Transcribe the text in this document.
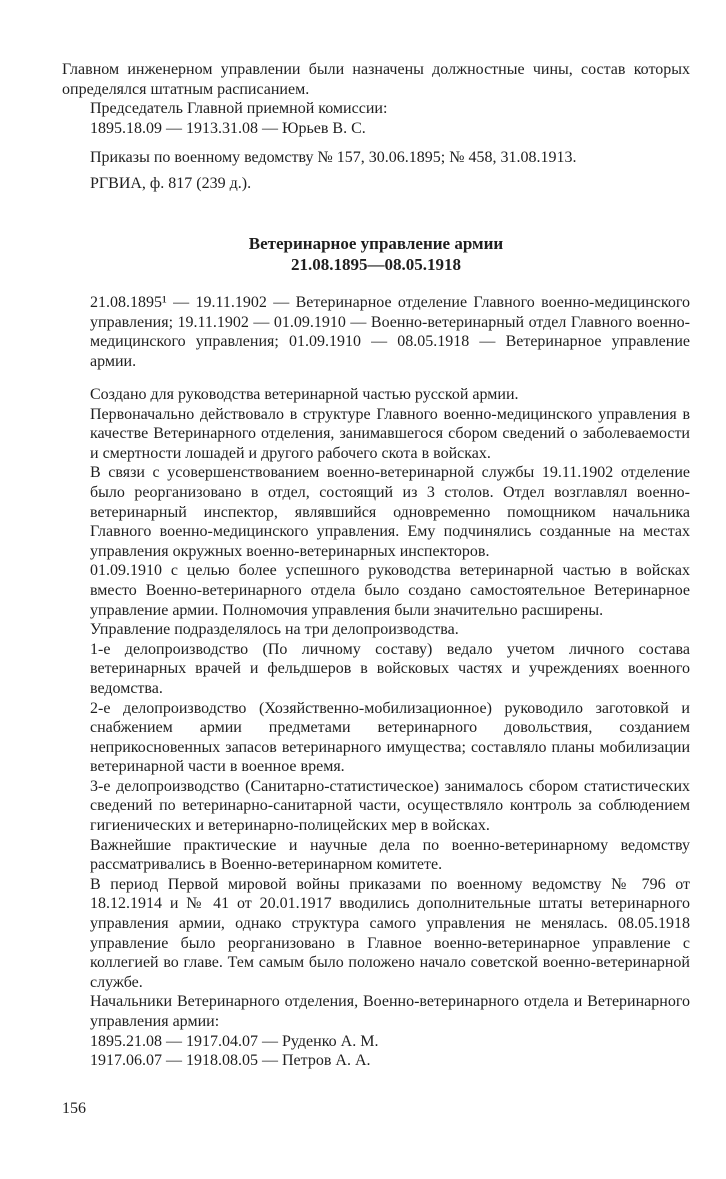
Главном инженерном управлении были назначены должностные чины, состав которых определялся штатным расписанием.

Председатель Главной приемной комиссии:

1895.18.09 — 1913.31.08 — Юрьев В. С.

Приказы по военному ведомству № 157, 30.06.1895; № 458, 31.08.1913.

РГВИА, ф. 817 (239 д.).

Ветеринарное управление армии
21.08.1895—08.05.1918

21.08.1895¹ — 19.11.1902 — Ветеринарное отделение Главного военно-медицинского управления; 19.11.1902 — 01.09.1910 — Военно-ветеринарный отдел Главного военно-медицинского управления; 01.09.1910 — 08.05.1918 — Ветеринарное управление армии.

Создано для руководства ветеринарной частью русской армии.

Первоначально действовало в структуре Главного военно-медицинского управления в качестве Ветеринарного отделения, занимавшегося сбором сведений о заболеваемости и смертности лошадей и другого рабочего скота в войсках.

В связи с усовершенствованием военно-ветеринарной службы 19.11.1902 отделение было реорганизовано в отдел, состоящий из 3 столов. Отдел возглавлял военно-ветеринарный инспектор, являвшийся одновременно помощником начальника Главного военно-медицинского управления. Ему подчинялись созданные на местах управления окружных военно-ветеринарных инспекторов.

01.09.1910 с целью более успешного руководства ветеринарной частью в войсках вместо Военно-ветеринарного отдела было создано самостоятельное Ветеринарное управление армии. Полномочия управления были значительно расширены.

Управление подразделялось на три делопроизводства.

1-е делопроизводство (По личному составу) ведало учетом личного состава ветеринарных врачей и фельдшеров в войсковых частях и учреждениях военного ведомства.

2-е делопроизводство (Хозяйственно-мобилизационное) руководило заготовкой и снабжением армии предметами ветеринарного довольствия, созданием неприкосновенных запасов ветеринарного имущества; составляло планы мобилизации ветеринарной части в военное время.

3-е делопроизводство (Санитарно-статистическое) занималось сбором статистических сведений по ветеринарно-санитарной части, осуществляло контроль за соблюдением гигиенических и ветеринарно-полицейских мер в войсках.

Важнейшие практические и научные дела по военно-ветеринарному ведомству рассматривались в Военно-ветеринарном комитете.

В период Первой мировой войны приказами по военному ведомству № 796 от 18.12.1914 и № 41 от 20.01.1917 вводились дополнительные штаты ветеринарного управления армии, однако структура самого управления не менялась. 08.05.1918 управление было реорганизовано в Главное военно-ветеринарное управление с коллегией во главе. Тем самым было положено начало советской военно-ветеринарной службе.

Начальники Ветеринарного отделения, Военно-ветеринарного отдела и Ветеринарного управления армии:

1895.21.08 — 1917.04.07 — Руденко А. М.

1917.06.07 — 1918.08.05 — Петров А. А.

156
